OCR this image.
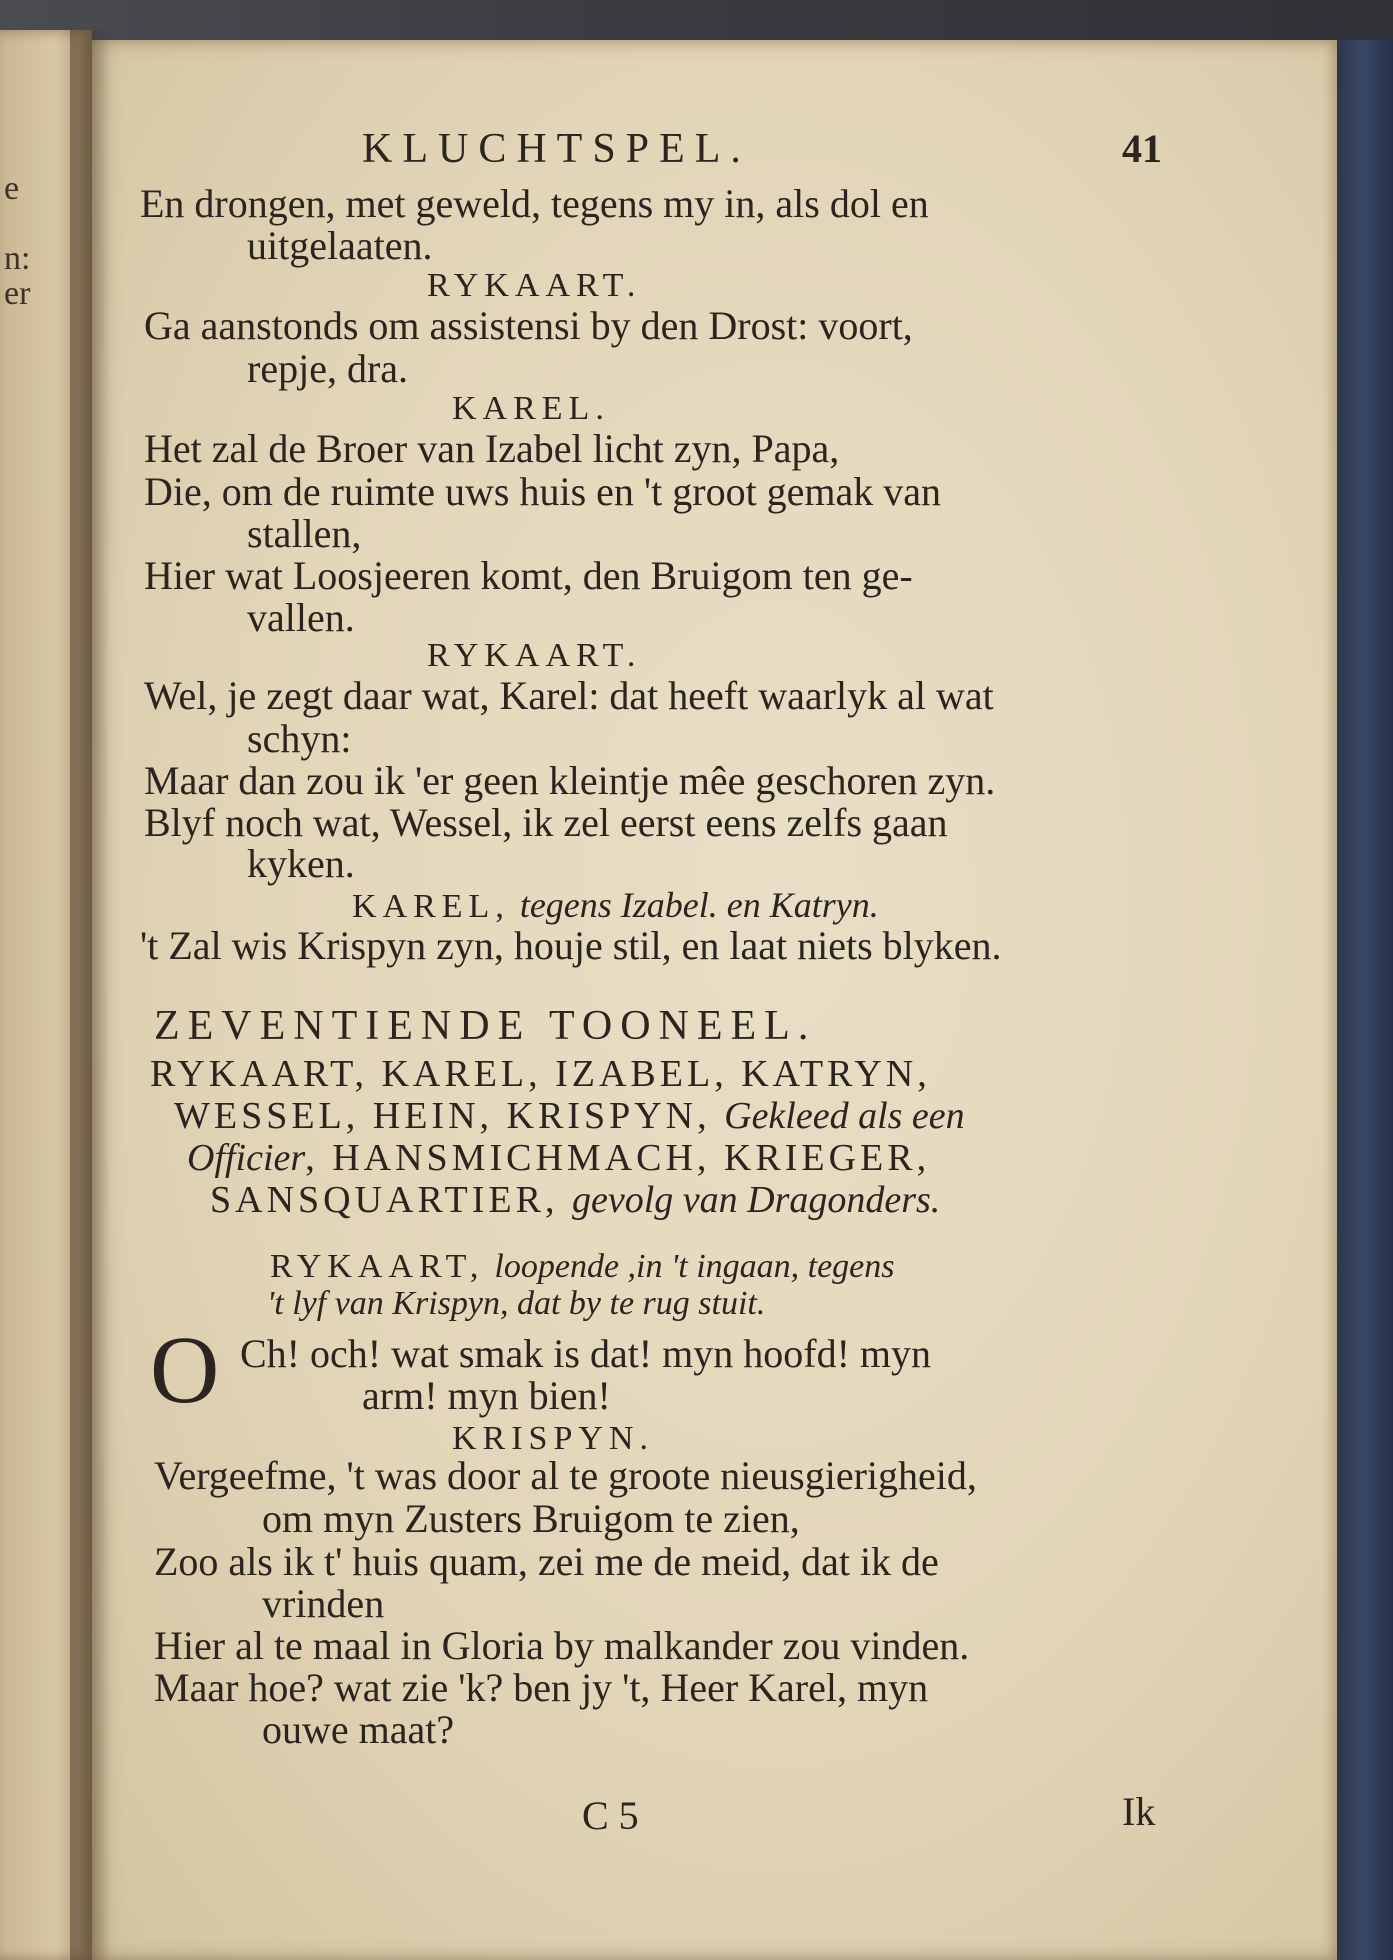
e
n:
er
KLUCHTSPEL.	41
En drongen, met geweld, tegens my in, als dol en
uitgelaaten.
RYKAART.
Ga aanstonds om assistensi by den Drost: voort,
repje, dra.
KAREL.
Het zal de Broer van Izabel licht zyn, Papa,
Die, om de ruimte uws huis en 't groot gemak van
stallen,
Hier wat Loosjeeren komt, den Bruigom ten ge-
vallen.
RYKAART.
Wel, je zegt daar wat, Karel: dat heeft waarlyk al wat
schyn:
Maar dan zou ik 'er geen kleintje mêe geschoren zyn.
Blyf noch wat, Wessel, ik zel eerst eens zelfs gaan
kyken.
KAREL, tegens Izabel. en Katryn.
't Zal wis Krispyn zyn, houje stil, en laat niets blyken.
ZEVENTIENDE TOONEEL.
RYKAART, KAREL, IZABEL, KATRYN,
WESSEL, HEIN, KRISPYN, Gekleed als een
Officier, HANSMICHMACH, KRIEGER,
SANSQUARTIER, gevolg van Dragonders.
RYKAART, loopende ,in 't ingaan, tegens
't lyf van Krispyn, dat by te rug stuit.
O Ch! och! wat smak is dat! myn hoofd! myn
arm! myn bien!
KRISPYN.
Vergeefme, 't was door al te groote nieusgierigheid,
om myn Zusters Bruigom te zien,
Zoo als ik t' huis quam, zei me de meid, dat ik de
vrinden
Hier al te maal in Gloria by malkander zou vinden.
Maar hoe? wat zie 'k? ben jy 't, Heer Karel, myn
ouwe maat?
C 5	Ik
